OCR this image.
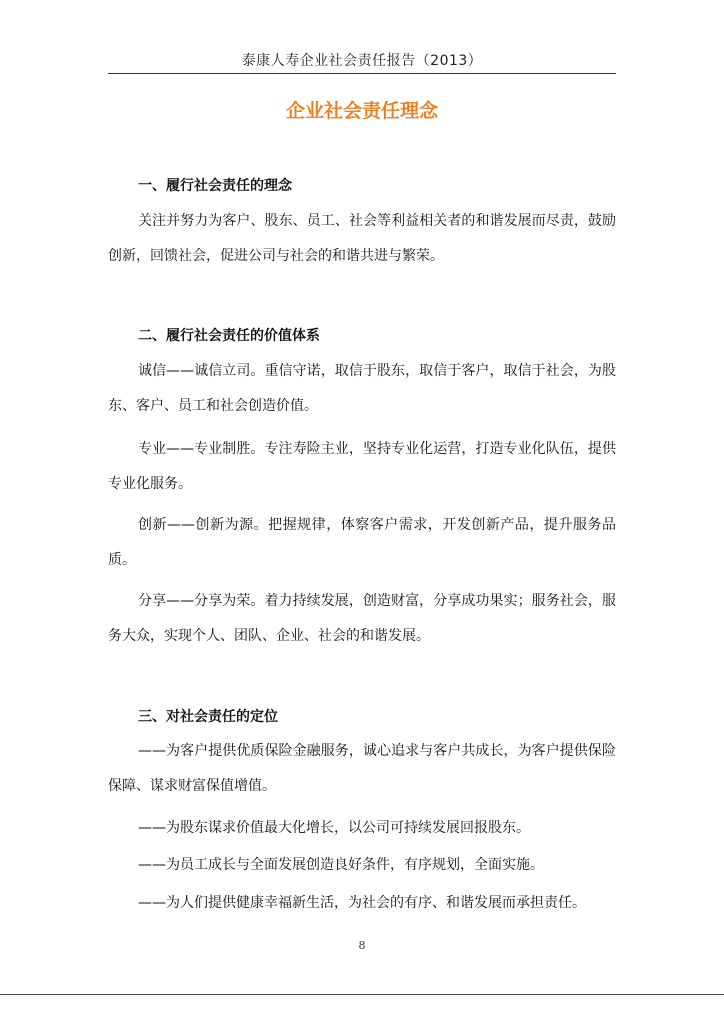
泰康人寿企业社会责任报告（2013）
企业社会责任理念
一、履行社会责任的理念
关注并努力为客户、股东、员工、社会等利益相关者的和谐发展而尽责，鼓励创新，回馈社会，促进公司与社会的和谐共进与繁荣。
二、履行社会责任的价值体系
诚信——诚信立司。重信守诺，取信于股东，取信于客户，取信于社会，为股东、客户、员工和社会创造价值。
专业——专业制胜。专注寿险主业，坚持专业化运营，打造专业化队伍，提供专业化服务。
创新——创新为源。把握规律，体察客户需求，开发创新产品，提升服务品质。
分享——分享为荣。着力持续发展，创造财富，分享成功果实；服务社会，服务大众，实现个人、团队、企业、社会的和谐发展。
三、对社会责任的定位
——为客户提供优质保险金融服务，诚心追求与客户共成长，为客户提供保险保障、谋求财富保值增值。
——为股东谋求价值最大化增长，以公司可持续发展回报股东。
——为员工成长与全面发展创造良好条件，有序规划，全面实施。
——为人们提供健康幸福新生活，为社会的有序、和谐发展而承担责任。
8
